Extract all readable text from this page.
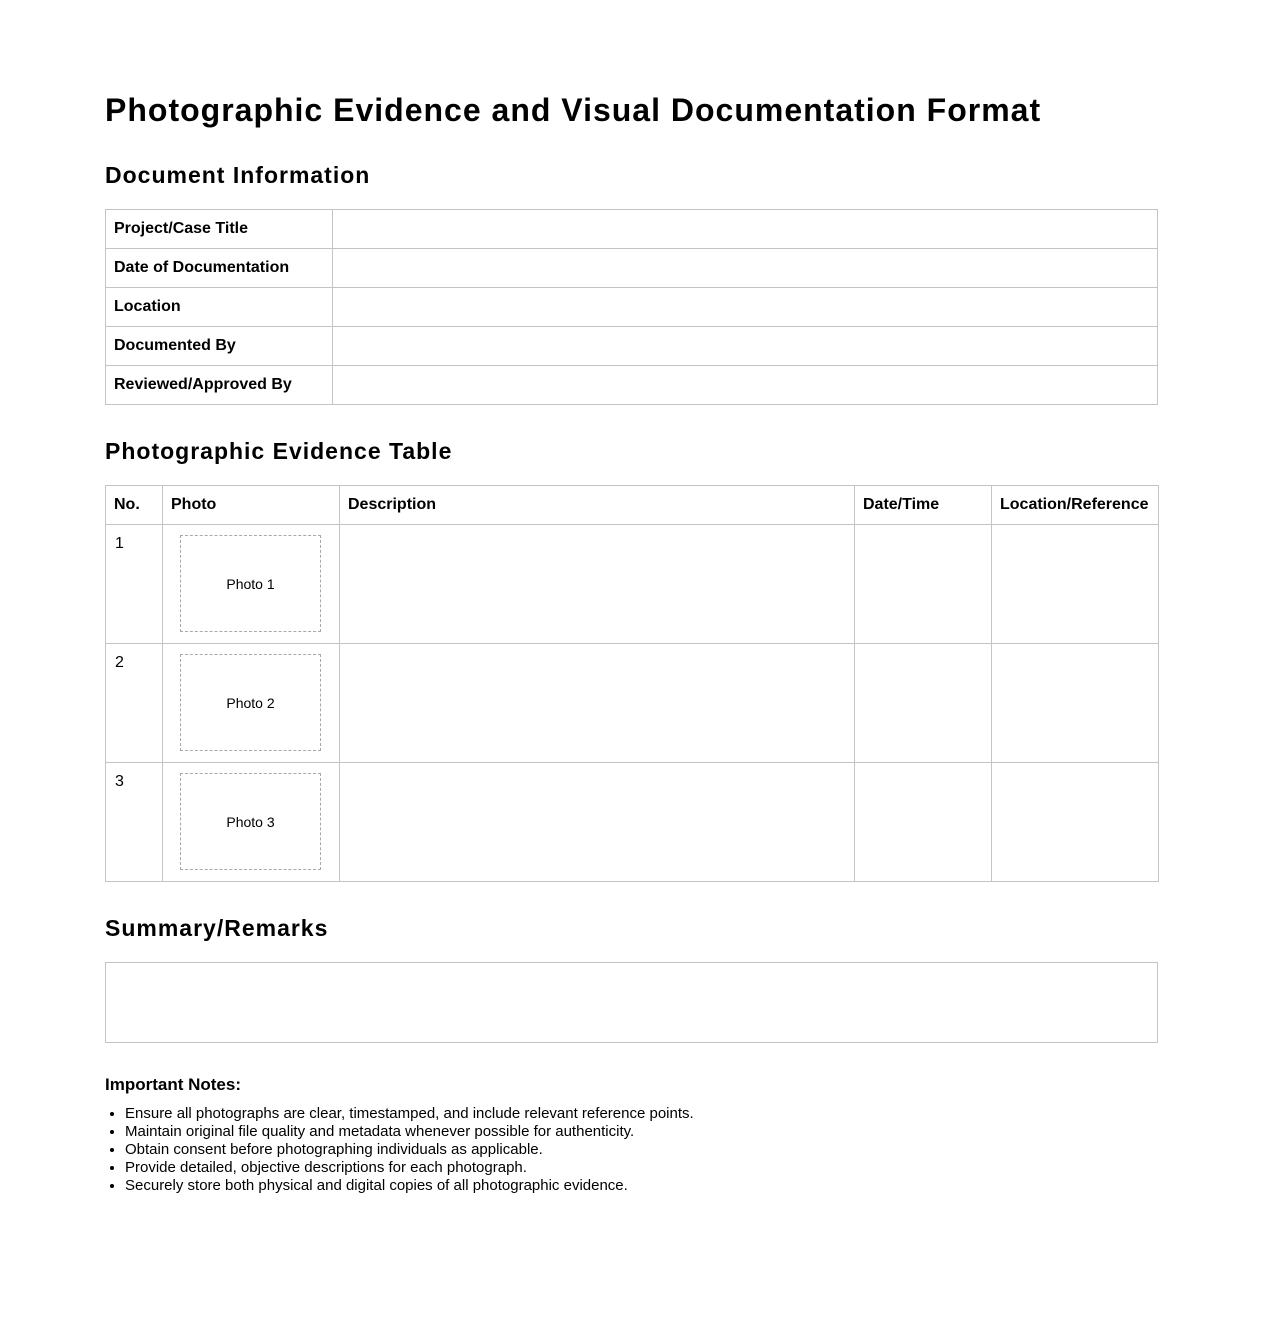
Photographic Evidence and Visual Documentation Format
Document Information
Project/Case Title	
Date of Documentation	
Location	
Documented By	
Reviewed/Approved By	
Photographic Evidence Table
No.	Photo	Description	Date/Time	Location/Reference
1	Photo 1			

2	Photo 2			

3	Photo 3			

Summary/Remarks

Important Notes:

• Ensure all photographs are clear, timestamped, and include relevant reference points.
• Maintain original file quality and metadata whenever possible for authenticity.
• Obtain consent before photographing individuals as applicable.
• Provide detailed, objective descriptions for each photograph.
• Securely store both physical and digital copies of all photographic evidence.
